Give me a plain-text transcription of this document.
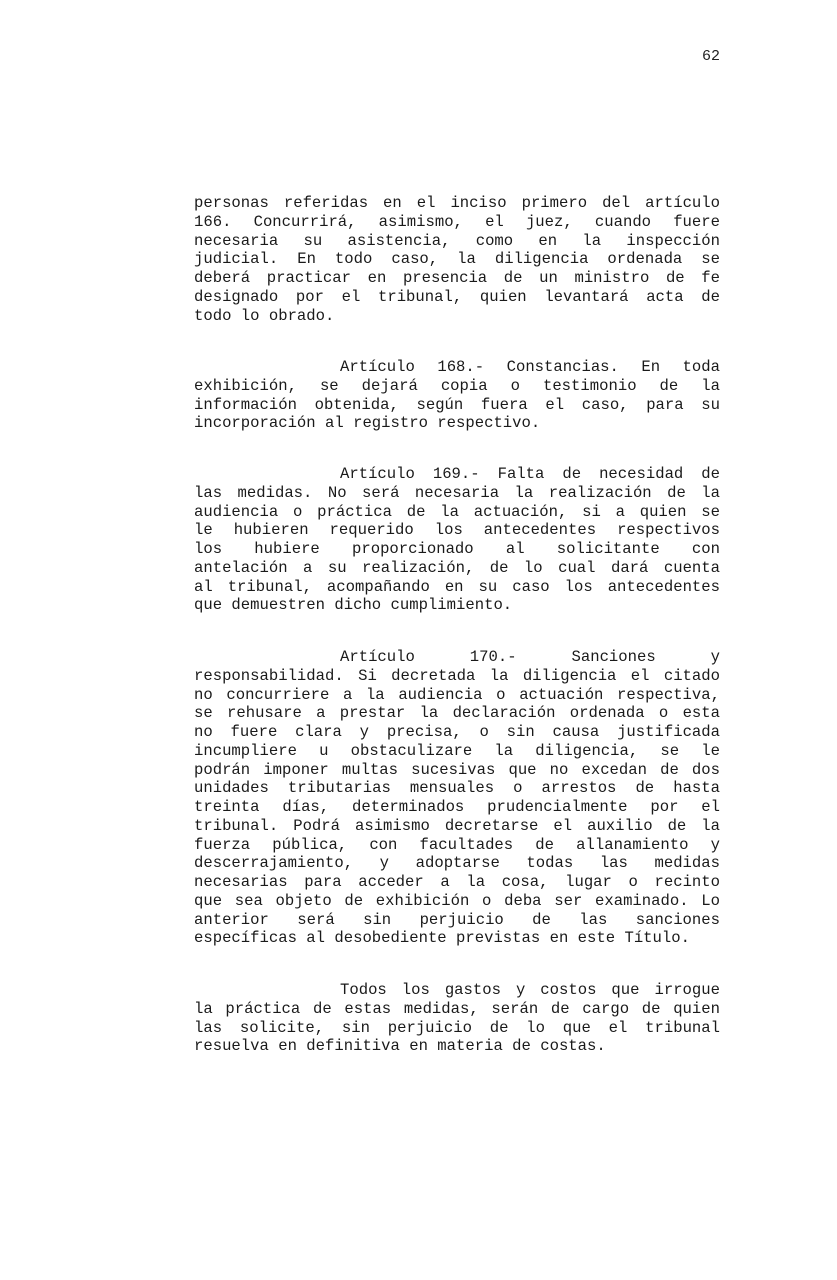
62
personas referidas en el inciso primero del artículo
166. Concurrirá, asimismo, el juez, cuando fuere
necesaria su asistencia, como en la inspección
judicial. En todo caso, la diligencia ordenada se
deberá practicar en presencia de un ministro de fe
designado por el tribunal, quien levantará acta de
todo lo obrado.
Artículo 168.- Constancias. En toda
exhibición, se dejará copia o testimonio de la
información obtenida, según fuera el caso, para su
incorporación al registro respectivo.
Artículo 169.- Falta de necesidad de
las medidas. No será necesaria la realización de la
audiencia o práctica de la actuación, si a quien se
le hubieren requerido los antecedentes respectivos
los hubiere proporcionado al solicitante con
antelación a su realización, de lo cual dará cuenta
al tribunal, acompañando en su caso los antecedentes
que demuestren dicho cumplimiento.
Artículo 170.- Sanciones y
responsabilidad. Si decretada la diligencia el citado
no concurriere a la audiencia o actuación respectiva,
se rehusare a prestar la declaración ordenada o esta
no fuere clara y precisa, o sin causa justificada
incumpliere u obstaculizare la diligencia, se le
podrán imponer multas sucesivas que no excedan de dos
unidades tributarias mensuales o arrestos de hasta
treinta días, determinados prudencialmente por el
tribunal. Podrá asimismo decretarse el auxilio de la
fuerza pública, con facultades de allanamiento y
descerrajamiento, y adoptarse todas las medidas
necesarias para acceder a la cosa, lugar o recinto
que sea objeto de exhibición o deba ser examinado. Lo
anterior será sin perjuicio de las sanciones
específicas al desobediente previstas en este Título.
Todos los gastos y costos que irrogue
la práctica de estas medidas, serán de cargo de quien
las solicite, sin perjuicio de lo que el tribunal
resuelva en definitiva en materia de costas.
